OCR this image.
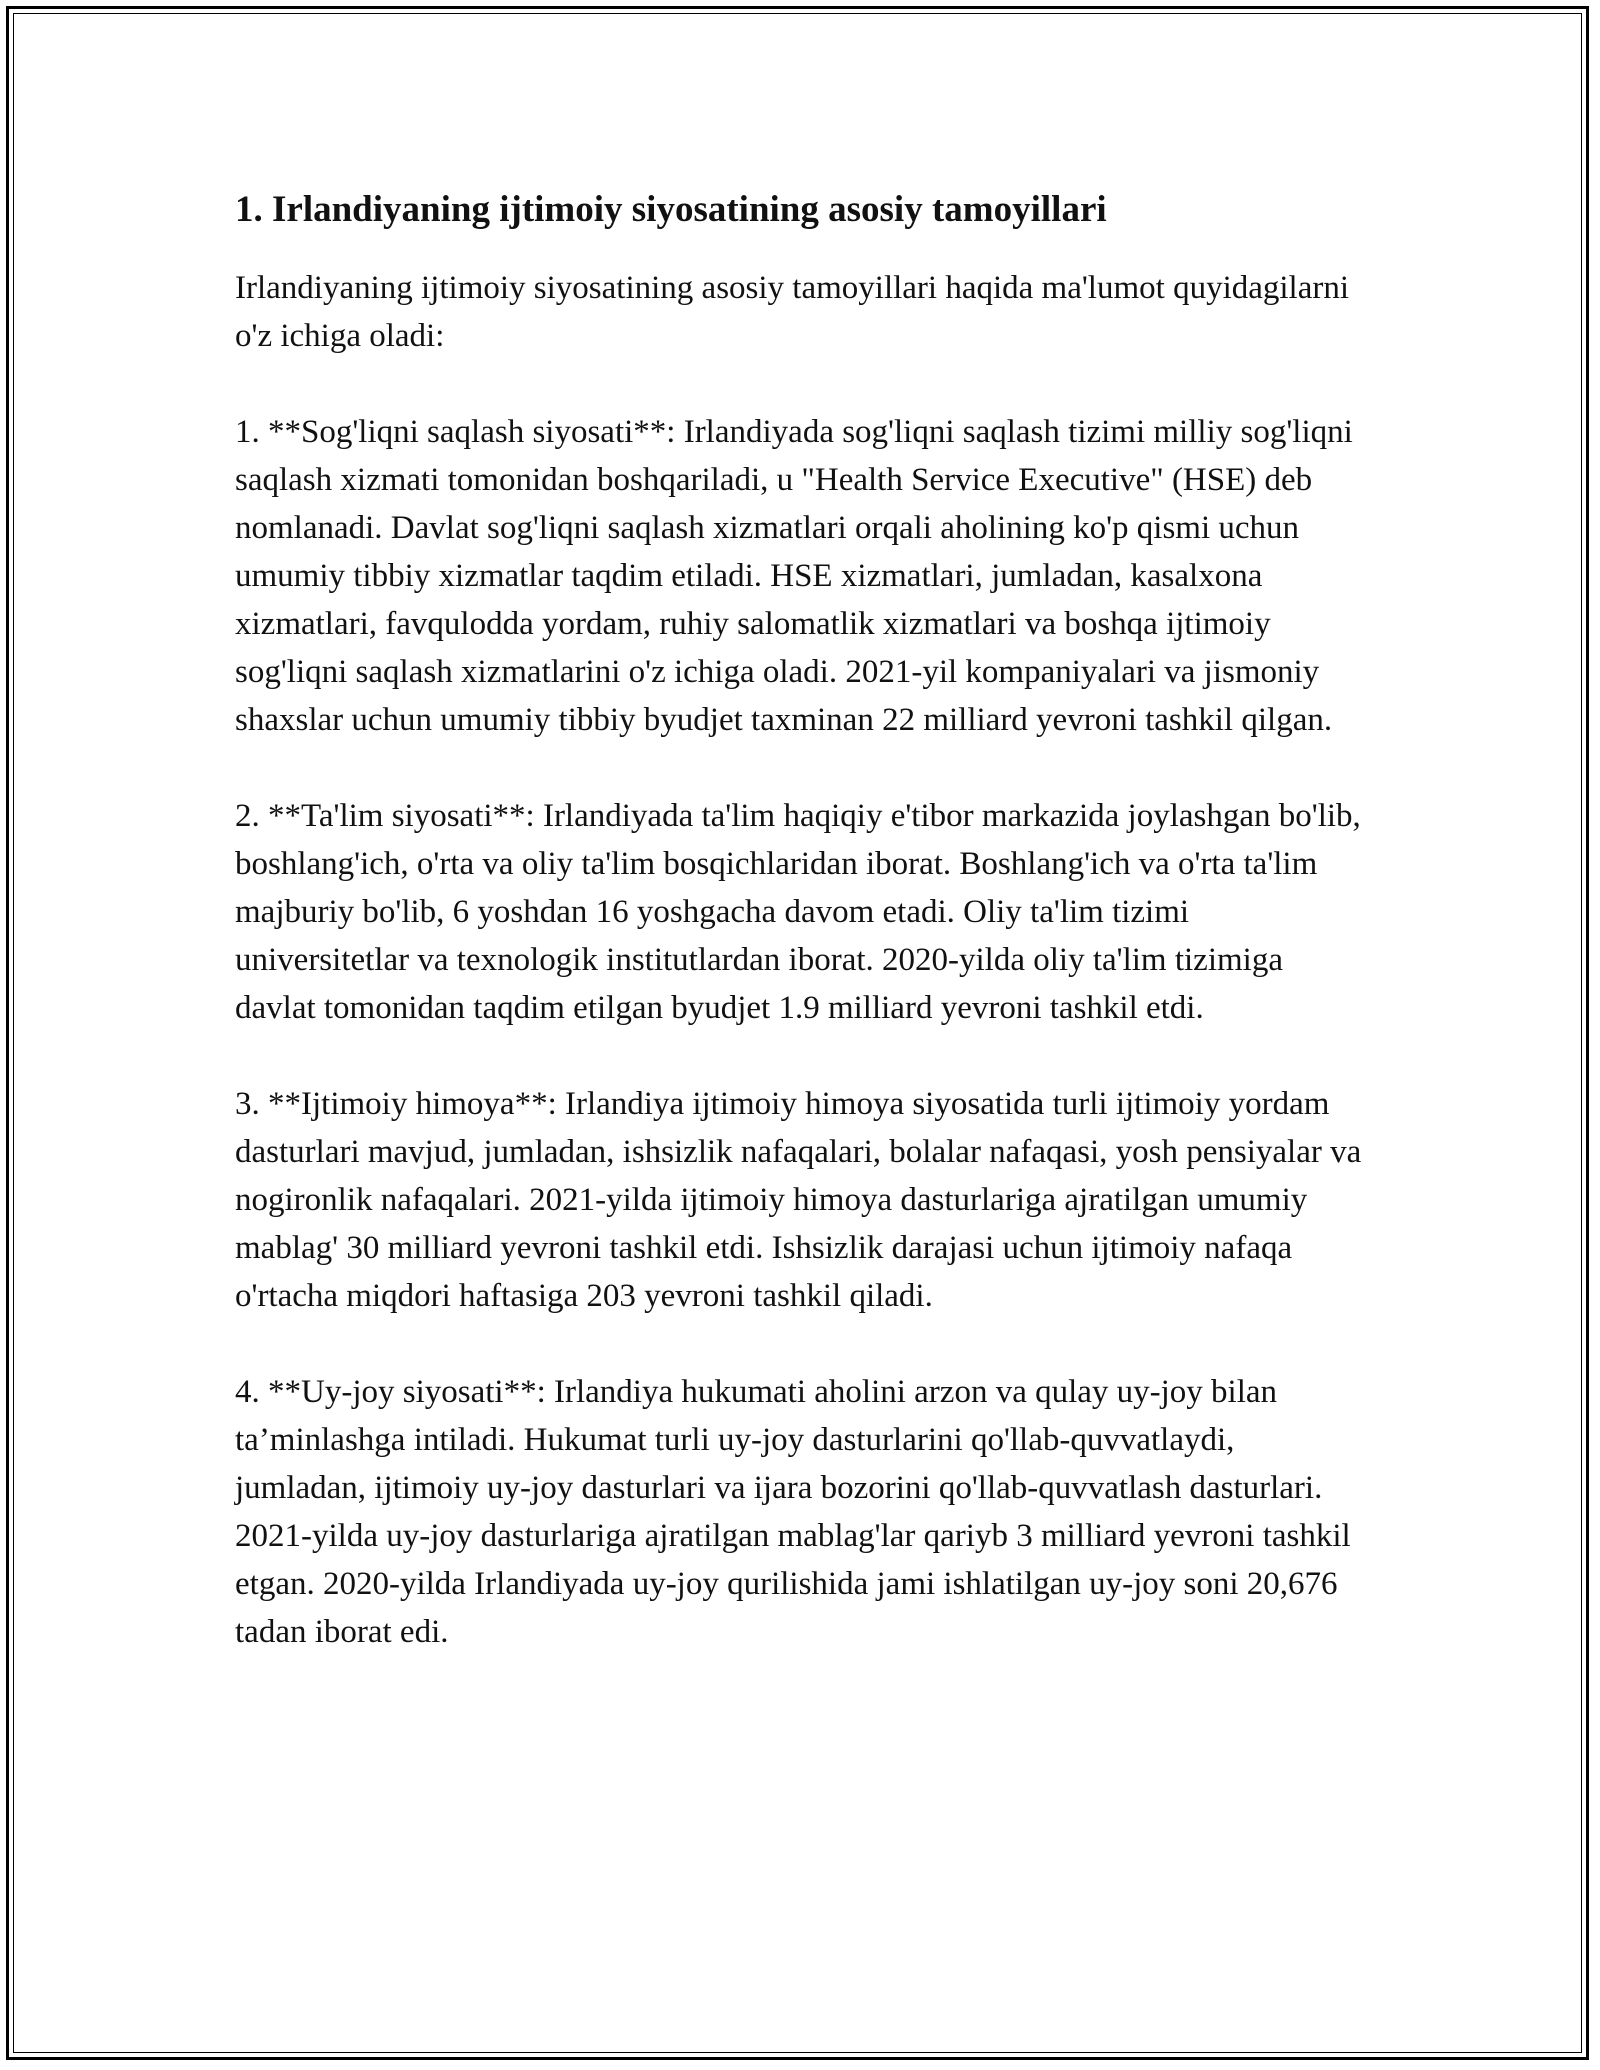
1. Irlandiyaning ijtimoiy siyosatining asosiy tamoyillari

Irlandiyaning ijtimoiy siyosatining asosiy tamoyillari haqida ma'lumot quyidagilarni o'z ichiga oladi:

1. **Sog'liqni saqlash siyosati**: Irlandiyada sog'liqni saqlash tizimi milliy sog'liqni saqlash xizmati tomonidan boshqariladi, u "Health Service Executive" (HSE) deb nomlanadi. Davlat sog'liqni saqlash xizmatlari orqali aholining ko'p qismi uchun umumiy tibbiy xizmatlar taqdim etiladi. HSE xizmatlari, jumladan, kasalxona xizmatlari, favqulodda yordam, ruhiy salomatlik xizmatlari va boshqa ijtimoiy sog'liqni saqlash xizmatlarini o'z ichiga oladi. 2021-yil kompaniyalari va jismoniy shaxslar uchun umumiy tibbiy byudjet taxminan 22 milliard yevroni tashkil qilgan.

2. **Ta'lim siyosati**: Irlandiyada ta'lim haqiqiy e'tibor markazida joylashgan bo'lib, boshlang'ich, o'rta va oliy ta'lim bosqichlaridan iborat. Boshlang'ich va o'rta ta'lim majburiy bo'lib, 6 yoshdan 16 yoshgacha davom etadi. Oliy ta'lim tizimi universitetlar va texnologik institutlardan iborat. 2020-yilda oliy ta'lim tizimiga davlat tomonidan taqdim etilgan byudjet 1.9 milliard yevroni tashkil etdi.

3. **Ijtimoiy himoya**: Irlandiya ijtimoiy himoya siyosatida turli ijtimoiy yordam dasturlari mavjud, jumladan, ishsizlik nafaqalari, bolalar nafaqasi, yosh pensiyalar va nogironlik nafaqalari. 2021-yilda ijtimoiy himoya dasturlariga ajratilgan umumiy mablag' 30 milliard yevroni tashkil etdi. Ishsizlik darajasi uchun ijtimoiy nafaqa o'rtacha miqdori haftasiga 203 yevroni tashkil qiladi.

4. **Uy-joy siyosati**: Irlandiya hukumati aholini arzon va qulay uy-joy bilan ta’minlashga intiladi. Hukumat turli uy-joy dasturlarini qo'llab-quvvatlaydi, jumladan, ijtimoiy uy-joy dasturlari va ijara bozorini qo'llab-quvvatlash dasturlari. 2021-yilda uy-joy dasturlariga ajratilgan mablag'lar qariyb 3 milliard yevroni tashkil etgan. 2020-yilda Irlandiyada uy-joy qurilishida jami ishlatilgan uy-joy soni 20,676 tadan iborat edi.
